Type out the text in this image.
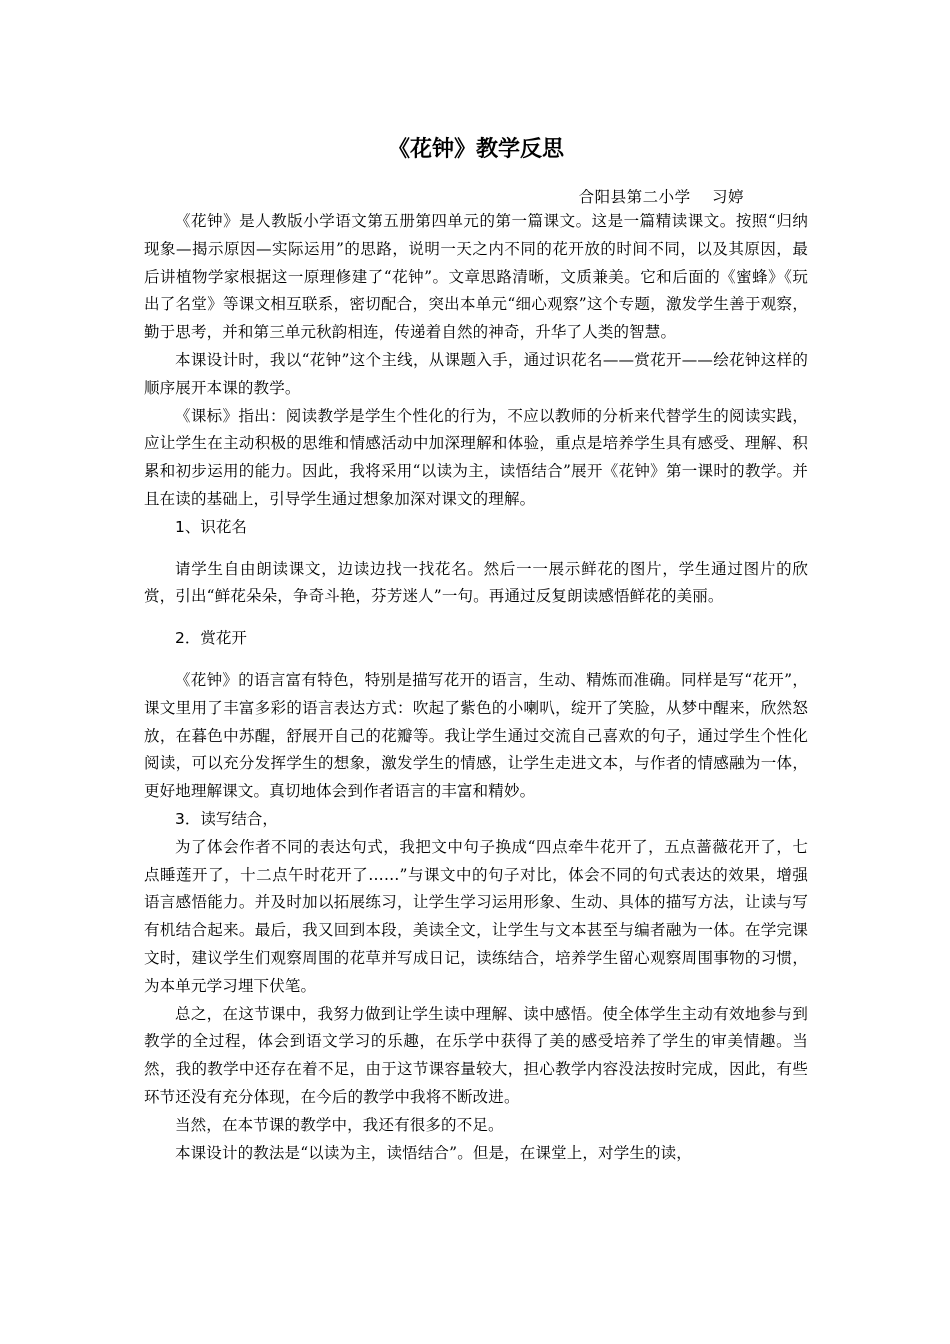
《花钟》教学反思

合阳县第二小学　 习婷

《花钟》是人教版小学语文第五册第四单元的第一篇课文。这是一篇精读课文。按照“归纳现象—揭示原因—实际运用”的思路，说明一天之内不同的花开放的时间不同，以及其原因，最后讲植物学家根据这一原理修建了“花钟”。文章思路清晰，文质兼美。它和后面的《蜜蜂》《玩出了名堂》等课文相互联系，密切配合，突出本单元“细心观察”这个专题，激发学生善于观察，勤于思考，并和第三单元秋韵相连，传递着自然的神奇，升华了人类的智慧。

本课设计时，我以“花钟”这个主线，从课题入手，通过识花名——赏花开——绘花钟这样的顺序展开本课的教学。

《课标》指出：阅读教学是学生个性化的行为，不应以教师的分析来代替学生的阅读实践，应让学生在主动积极的思维和情感活动中加深理解和体验，重点是培养学生具有感受、理解、积累和初步运用的能力。因此，我将采用“以读为主，读悟结合”展开《花钟》第一课时的教学。并且在读的基础上，引导学生通过想象加深对课文的理解。

1、识花名

请学生自由朗读课文，边读边找一找花名。然后一一展示鲜花的图片，学生通过图片的欣赏，引出“鲜花朵朵，争奇斗艳，芬芳迷人”一句。再通过反复朗读感悟鲜花的美丽。

2．赏花开

《花钟》的语言富有特色，特别是描写花开的语言，生动、精炼而准确。同样是写“花开”，课文里用了丰富多彩的语言表达方式：吹起了紫色的小喇叭，绽开了笑脸，从梦中醒来，欣然怒放，在暮色中苏醒，舒展开自己的花瓣等。我让学生通过交流自己喜欢的句子，通过学生个性化阅读，可以充分发挥学生的想象，激发学生的情感，让学生走进文本，与作者的情感融为一体，更好地理解课文。真切地体会到作者语言的丰富和精妙。

3．读写结合，

为了体会作者不同的表达句式，我把文中句子换成“四点牵牛花开了，五点蔷薇花开了，七点睡莲开了，十二点午时花开了……”与课文中的句子对比，体会不同的句式表达的效果，增强语言感悟能力。并及时加以拓展练习，让学生学习运用形象、生动、具体的描写方法，让读与写有机结合起来。最后，我又回到本段，美读全文，让学生与文本甚至与编者融为一体。在学完课文时，建议学生们观察周围的花草并写成日记，读练结合，培养学生留心观察周围事物的习惯，为本单元学习埋下伏笔。

总之，在这节课中，我努力做到让学生读中理解、读中感悟。使全体学生主动有效地参与到教学的全过程，体会到语文学习的乐趣，在乐学中获得了美的感受培养了学生的审美情趣。当然，我的教学中还存在着不足，由于这节课容量较大，担心教学内容没法按时完成，因此，有些环节还没有充分体现，在今后的教学中我将不断改进。

当然，在本节课的教学中，我还有很多的不足。

本课设计的教法是“以读为主，读悟结合”。但是，在课堂上，对学生的读，
